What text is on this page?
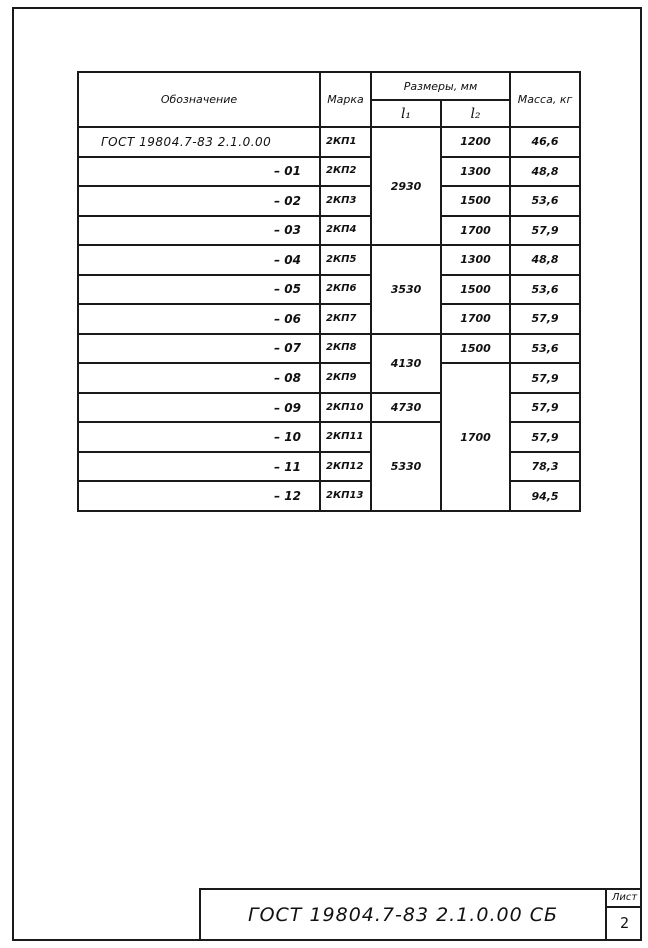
Обозначение	Марка	Размеры, мм		Масса, кг
		l₁	l₂	
ГОСТ 19804.7-83 2.1.0.00	2КП1	2930	1200	46,6
– 01	2КП2		1300	48,8
– 02	2КП3		1500	53,6
– 03	2КП4		1700	57,9
– 04	2КП5	3530	1300	48,8
– 05	2КП6		1500	53,6
– 06	2КП7		1700	57,9
– 07	2КП8	4130	1500	53,6
– 08	2КП9		1700	57,9
– 09	2КП10	4730		57,9
– 10	2КП11	5330		57,9
– 11	2КП12			78,3
– 12	2КП13			94,5
ГОСТ 19804.7-83 2.1.0.00 СБ
Лист
2
